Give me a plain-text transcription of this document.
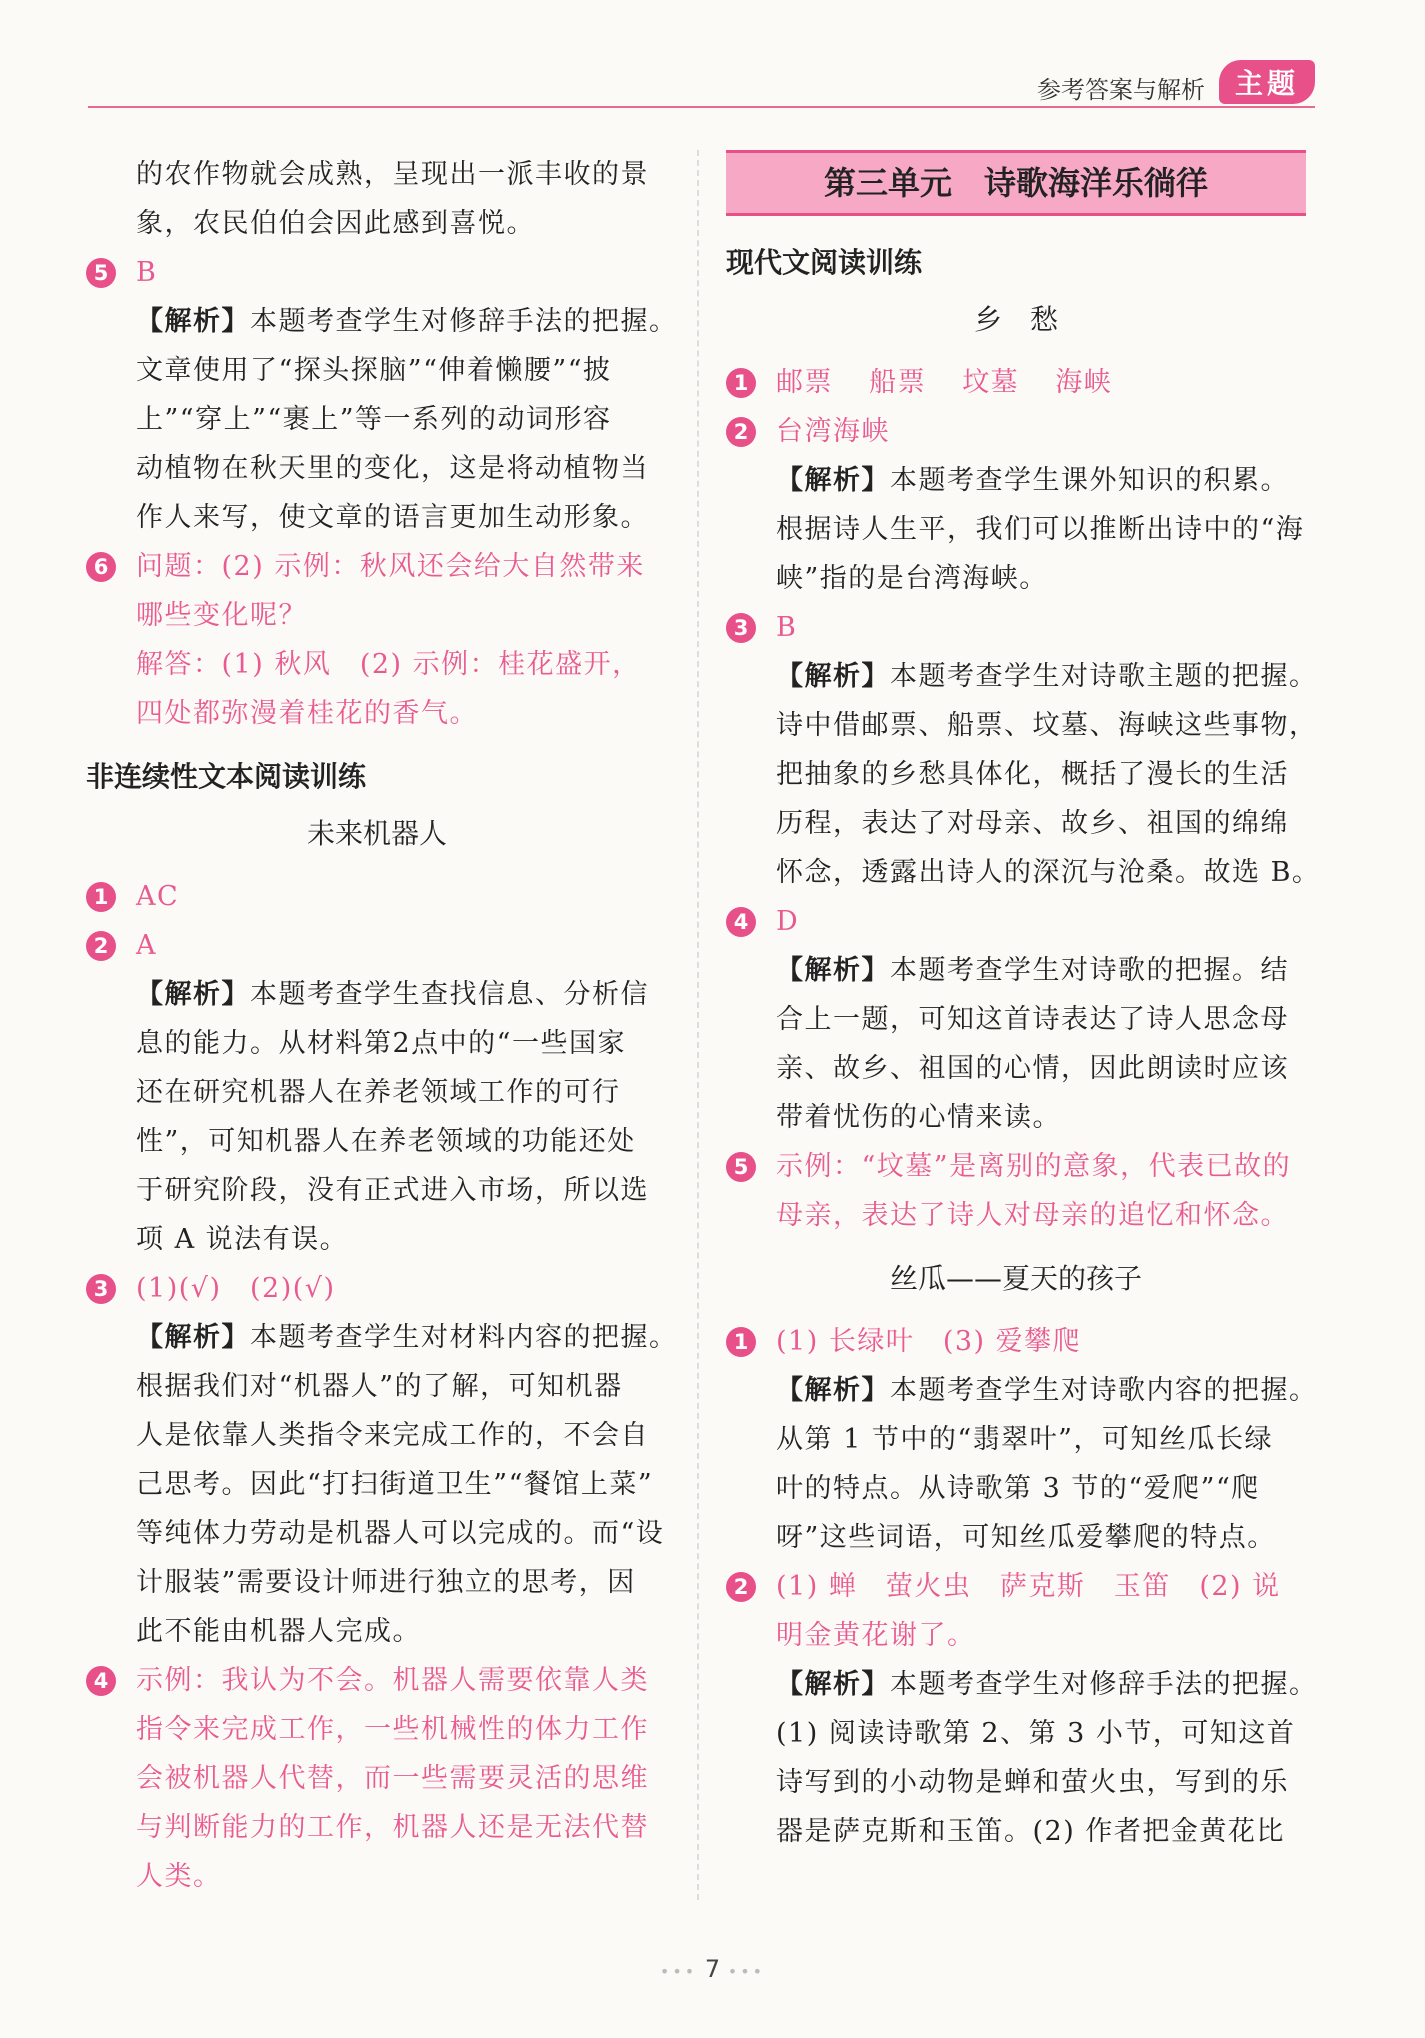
参考答案与解析	主题
的农作物就会成熟，呈现出一派丰收的景
象，农民伯伯会因此感到喜悦。
5 B
【解析】本题考查学生对修辞手法的把握。
文章使用了“探头探脑”“伸着懒腰”“披
上”“穿上”“裹上”等一系列的动词形容
动植物在秋天里的变化，这是将动植物当
作人来写，使文章的语言更加生动形象。
6 问题：(2) 示例：秋风还会给大自然带来
哪些变化呢？
解答：(1) 秋风　(2) 示例：桂花盛开，
四处都弥漫着桂花的香气。
非连续性文本阅读训练
未来机器人
1 AC
2 A
【解析】本题考查学生查找信息、分析信
息的能力。从材料第2点中的“一些国家
还在研究机器人在养老领域工作的可行
性”，可知机器人在养老领域的功能还处
于研究阶段，没有正式进入市场，所以选
项 A 说法有误。
3 (1)(√)　(2)(√)
【解析】本题考查学生对材料内容的把握。
根据我们对“机器人”的了解，可知机器
人是依靠人类指令来完成工作的，不会自
己思考。因此“打扫街道卫生”“餐馆上菜”
等纯体力劳动是机器人可以完成的。而“设
计服装”需要设计师进行独立的思考，因
此不能由机器人完成。
4 示例：我认为不会。机器人需要依靠人类
指令来完成工作，一些机械性的体力工作
会被机器人代替，而一些需要灵活的思维
与判断能力的工作，机器人还是无法代替
人类。
第三单元　诗歌海洋乐徜徉
现代文阅读训练
乡　愁
1 邮票 船票 坟墓 海峡
2 台湾海峡
【解析】本题考查学生课外知识的积累。
根据诗人生平，我们可以推断出诗中的“海
峡”指的是台湾海峡。
3 B
【解析】本题考查学生对诗歌主题的把握。
诗中借邮票、船票、坟墓、海峡这些事物，
把抽象的乡愁具体化，概括了漫长的生活
历程，表达了对母亲、故乡、祖国的绵绵
怀念，透露出诗人的深沉与沧桑。故选 B。
4 D
【解析】本题考查学生对诗歌的把握。结
合上一题，可知这首诗表达了诗人思念母
亲、故乡、祖国的心情，因此朗读时应该
带着忧伤的心情来读。
5 示例：“坟墓”是离别的意象，代表已故的
母亲，表达了诗人对母亲的追忆和怀念。
丝瓜——夏天的孩子
1 (1) 长绿叶　(3) 爱攀爬
【解析】本题考查学生对诗歌内容的把握。
从第 1 节中的“翡翠叶”，可知丝瓜长绿
叶的特点。从诗歌第 3 节的“爱爬”“爬
呀”这些词语，可知丝瓜爱攀爬的特点。
2 (1) 蝉　萤火虫　萨克斯　玉笛　(2) 说
明金黄花谢了。
【解析】本题考查学生对修辞手法的把握。
(1) 阅读诗歌第 2、第 3 小节，可知这首
诗写到的小动物是蝉和萤火虫，写到的乐
器是萨克斯和玉笛。(2) 作者把金黄花比
••• 7 •••
